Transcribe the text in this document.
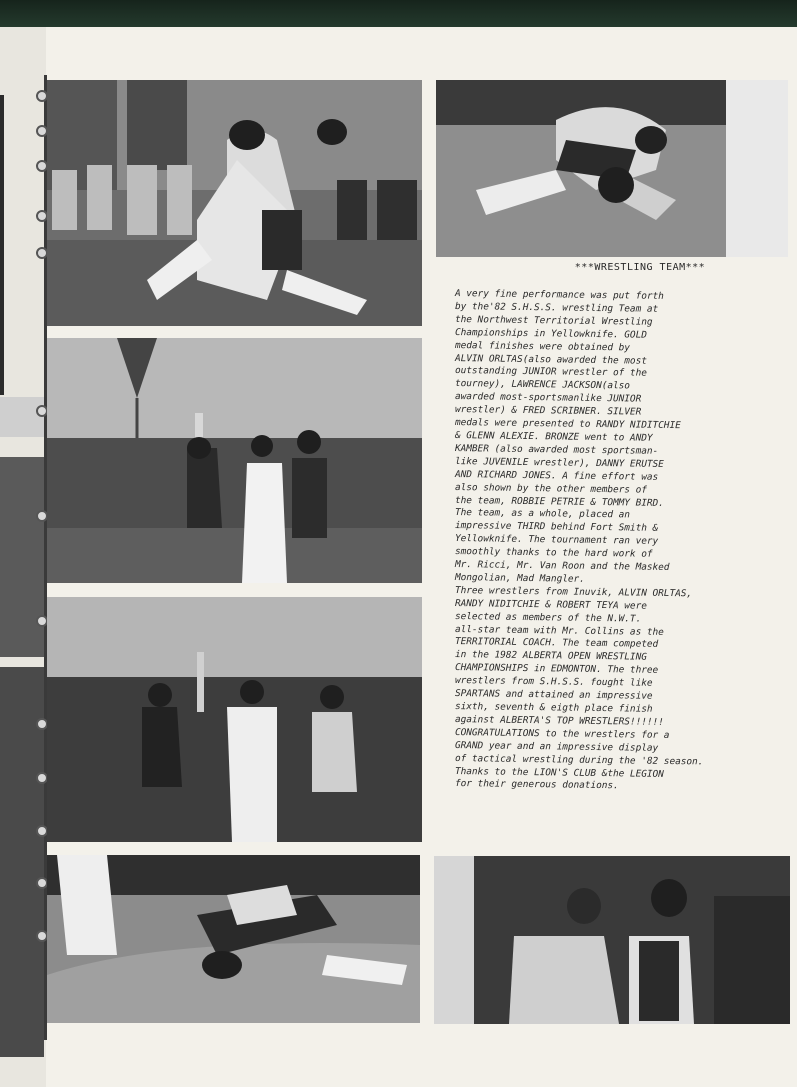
***WRESTLING TEAM***

A very fine performance was put forth

by the'82 S.H.S.S. wrestling Team at

the Northwest Territorial Wrestling

Championships in Yellowknife. GOLD

medal finishes were obtained by

ALVIN ORLTAS(also awarded the most

outstanding JUNIOR wrestler of the

tourney), LAWRENCE JACKSON(also

awarded most-sportsmanlike JUNIOR

wrestler) & FRED SCRIBNER. SILVER

medals were presented to RANDY NIDITCHIE

& GLENN ALEXIE. BRONZE went to ANDY

KAMBER (also awarded most sportsman-

like JUVENILE wrestler), DANNY ERUTSE

AND RICHARD JONES. A fine effort was

also shown by the other members of

the team, ROBBIE PETRIE & TOMMY BIRD.

The team, as a whole, placed an

impressive THIRD behind Fort Smith &

Yellowknife. The tournament ran very

smoothly thanks to the hard work of

Mr. Ricci, Mr. Van Roon and the Masked

Mongolian, Mad Mangler.

Three wrestlers from Inuvik, ALVIN ORLTAS,

RANDY NIDITCHIE & ROBERT TEYA were

selected as members of the N.W.T.

all-star team with Mr. Collins as the

TERRITORIAL COACH. The team competed

in the 1982 ALBERTA OPEN WRESTLING

CHAMPIONSHIPS in EDMONTON. The three

wrestlers from S.H.S.S. fought like

SPARTANS and attained an impressive

sixth, seventh & eigth place finish

against ALBERTA'S TOP WRESTLERS!!!!!!

CONGRATULATIONS to the wrestlers for a

GRAND year and an impressive display

of tactical wrestling during the '82 season.

Thanks to the LION'S CLUB &the LEGION

for their generous donations.
